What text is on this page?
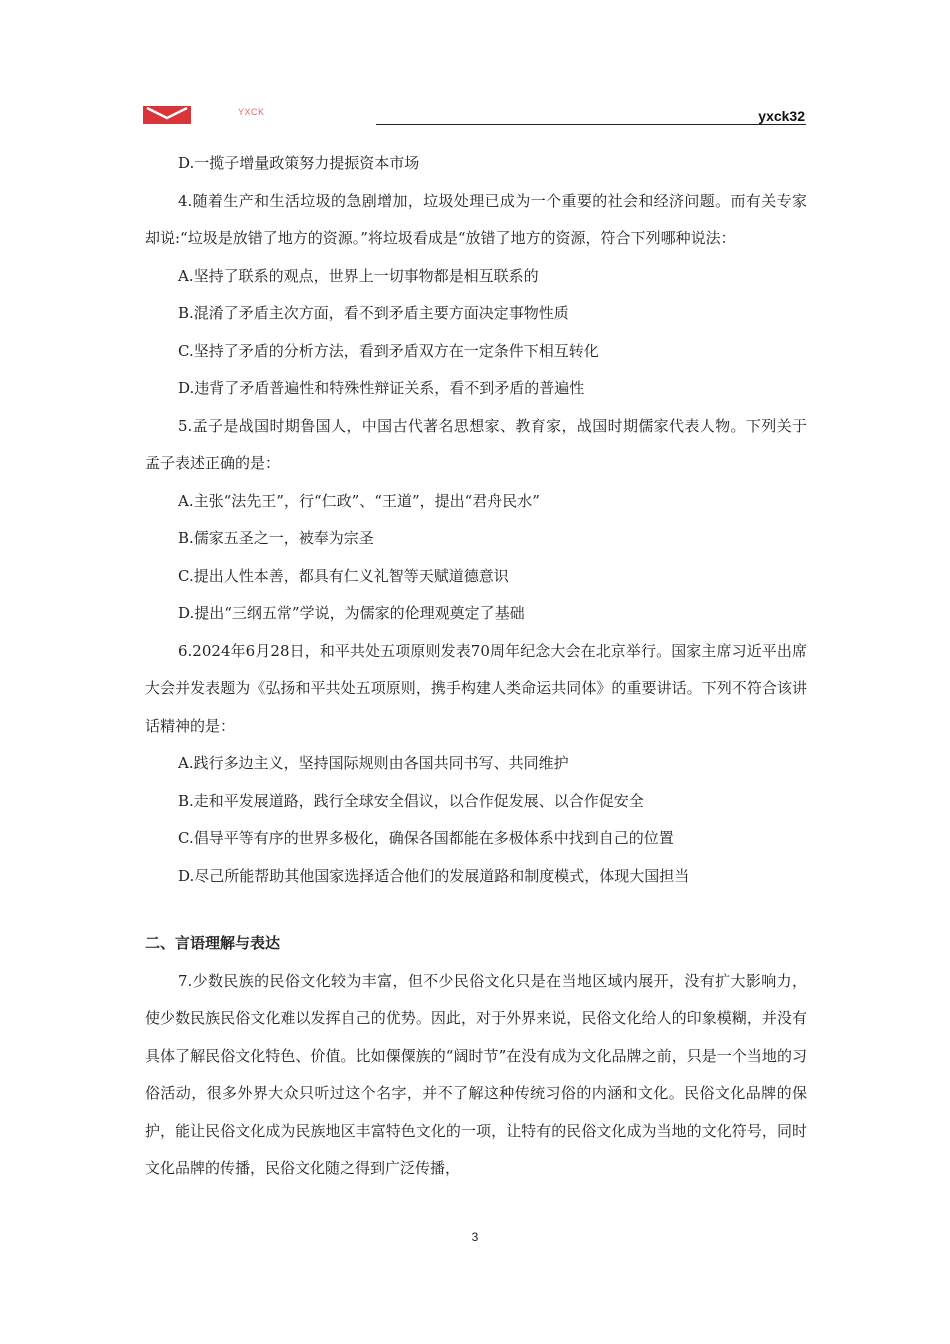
YXCK	yxck32

D.一揽子增量政策努力提振资本市场

4.随着生产和生活垃圾的急剧增加，垃圾处理已成为一个重要的社会和经济问题。而有关专家却说:“垃圾是放错了地方的资源。”将垃圾看成是“放错了地方的资源，符合下列哪种说法：

A.坚持了联系的观点，世界上一切事物都是相互联系的

B.混淆了矛盾主次方面，看不到矛盾主要方面决定事物性质

C.坚持了矛盾的分析方法，看到矛盾双方在一定条件下相互转化

D.违背了矛盾普遍性和特殊性辩证关系，看不到矛盾的普遍性

5.孟子是战国时期鲁国人，中国古代著名思想家、教育家，战国时期儒家代表人物。下列关于孟子表述正确的是：

A.主张“法先王”，行“仁政”、“王道”，提出“君舟民水”

B.儒家五圣之一，被奉为宗圣

C.提出人性本善，都具有仁义礼智等天赋道德意识

D.提出“三纲五常”学说，为儒家的伦理观奠定了基础

6.2024年6月28日，和平共处五项原则发表70周年纪念大会在北京举行。国家主席习近平出席大会并发表题为《弘扬和平共处五项原则，携手构建人类命运共同体》的重要讲话。下列不符合该讲话精神的是：

A.践行多边主义，坚持国际规则由各国共同书写、共同维护

B.走和平发展道路，践行全球安全倡议，以合作促发展、以合作促安全

C.倡导平等有序的世界多极化，确保各国都能在多极体系中找到自己的位置

D.尽己所能帮助其他国家选择适合他们的发展道路和制度模式，体现大国担当

二、言语理解与表达

7.少数民族的民俗文化较为丰富，但不少民俗文化只是在当地区域内展开，没有扩大影响力，使少数民族民俗文化难以发挥自己的优势。因此，对于外界来说，民俗文化给人的印象模糊，并没有具体了解民俗文化特色、价值。比如傈僳族的“阔时节”在没有成为文化品牌之前，只是一个当地的习俗活动，很多外界大众只听过这个名字，并不了解这种传统习俗的内涵和文化。民俗文化品牌的保护，能让民俗文化成为民族地区丰富特色文化的一项，让特有的民俗文化成为当地的文化符号，同时文化品牌的传播，民俗文化随之得到广泛传播，

3
